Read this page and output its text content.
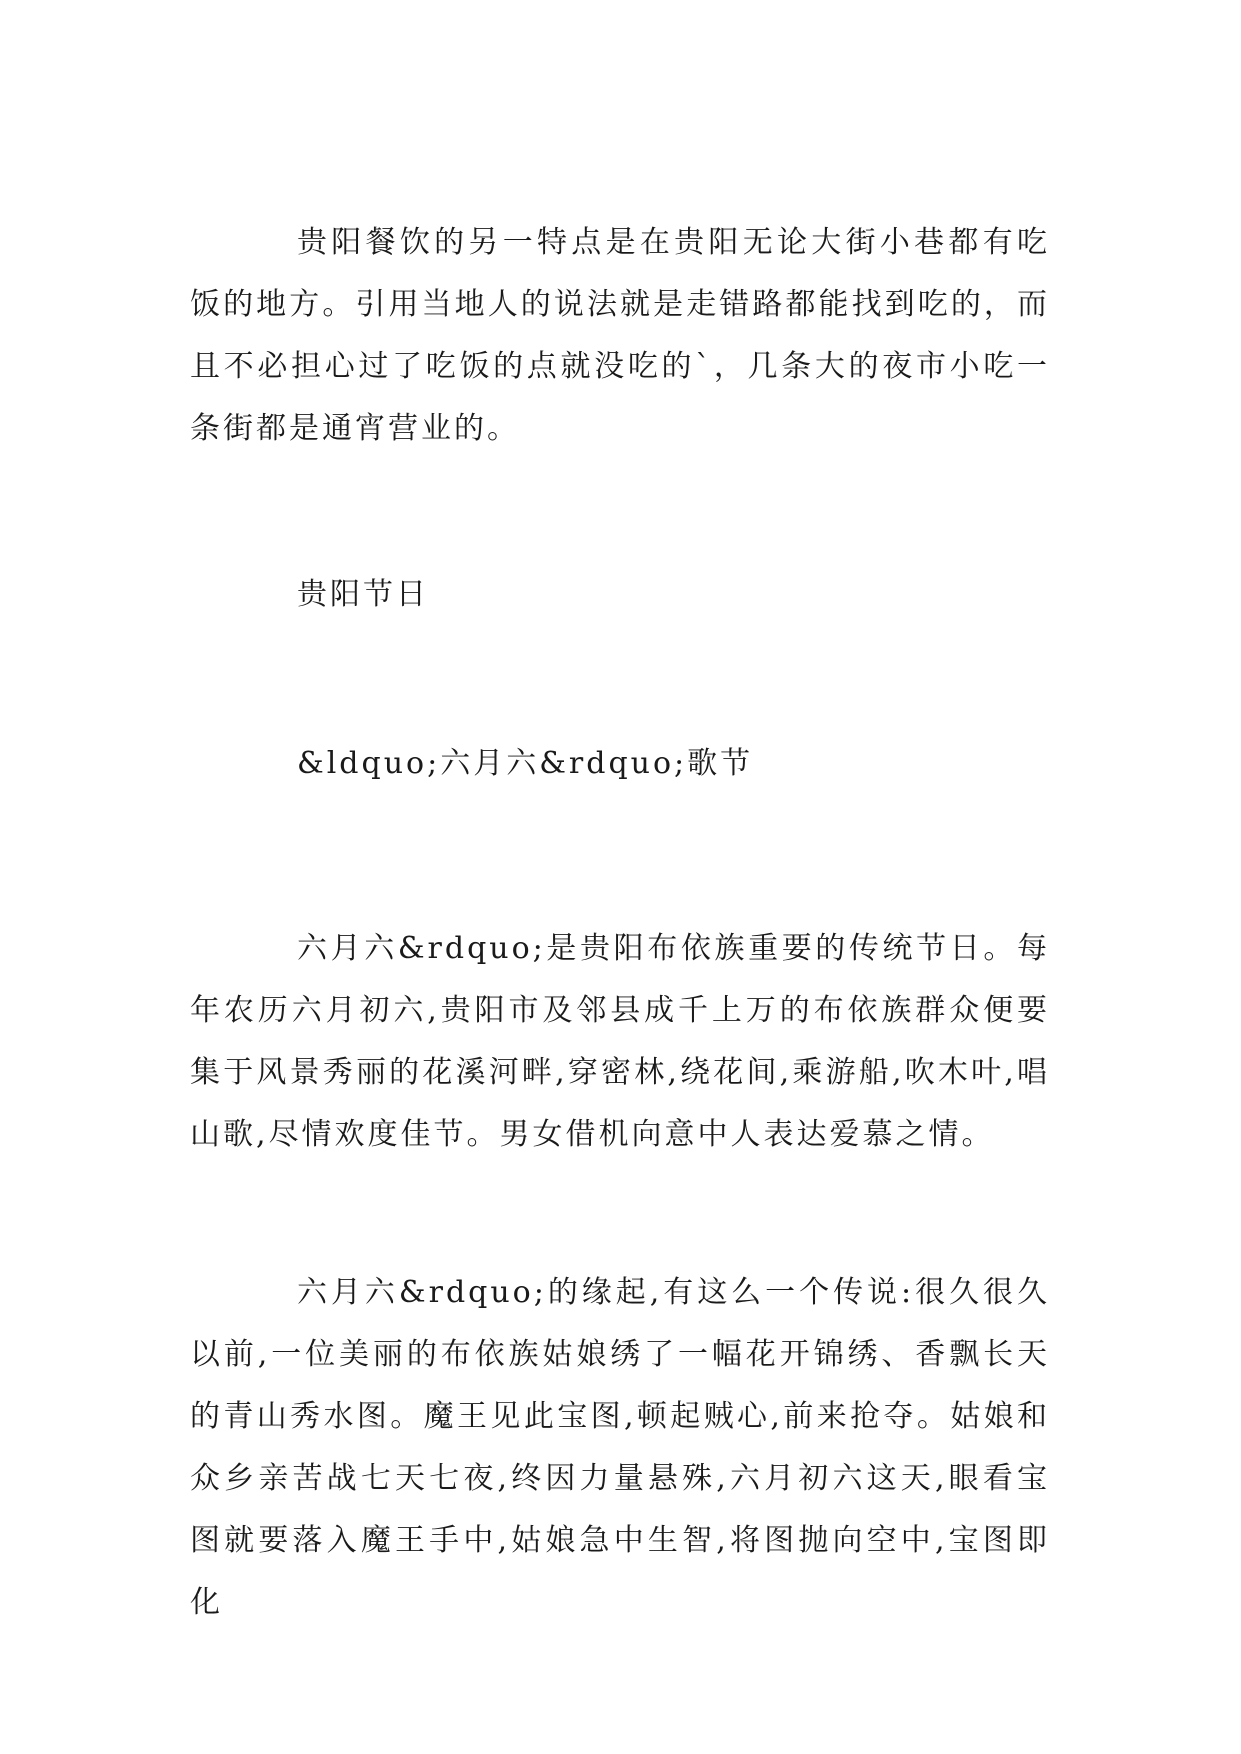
贵阳餐饮的另一特点是在贵阳无论大街小巷都有吃饭的地方。引用当地人的说法就是走错路都能找到吃的，而且不必担心过了吃饭的点就没吃的`，几条大的夜市小吃一条街都是通宵营业的。

贵阳节日

&ldquo;六月六&rdquo;歌节

六月六&rdquo;是贵阳布依族重要的传统节日。每年农历六月初六,贵阳市及邻县成千上万的布依族群众便要集于风景秀丽的花溪河畔,穿密林,绕花间,乘游船,吹木叶,唱山歌,尽情欢度佳节。男女借机向意中人表达爱慕之情。

六月六&rdquo;的缘起,有这么一个传说:很久很久以前,一位美丽的布依族姑娘绣了一幅花开锦绣、香飘长天的青山秀水图。魔王见此宝图,顿起贼心,前来抢夺。姑娘和众乡亲苦战七天七夜,终因力量悬殊,六月初六这天,眼看宝图就要落入魔王手中,姑娘急中生智,将图抛向空中,宝图即化
